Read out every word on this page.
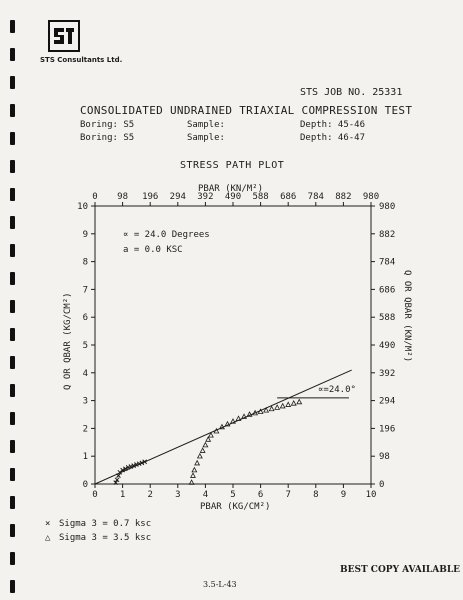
STS Consultants Ltd.
STS JOB NO. 25331
CONSOLIDATED UNDRAINED TRIAXIAL COMPRESSION TEST
Boring: S5	Sample:	Depth: 45-46
Boring: S5	Sample:	Depth: 46-47
STRESS PATH PLOT
0
0
0	0
1
98
1	98
2
196
2	196
3
294
3	294
4
392
4	392
5
490
5	490
6
588
6	588
7
686
7	686
8
784
8	784
9
882
9	882
10
980
10	980
PBAR (KN/M²)
PBAR (KG/CM²)
Q OR QBAR (KG/CM²)	Q OR QBAR (KN/M²)
∝ = 24.0 Degrees
a = 0.0 KSC
∝=24.0°
× Sigma 3 = 0.7 ksc
△ Sigma 3 = 3.5 ksc
BEST COPY AVAILABLE
3.5-L-43
